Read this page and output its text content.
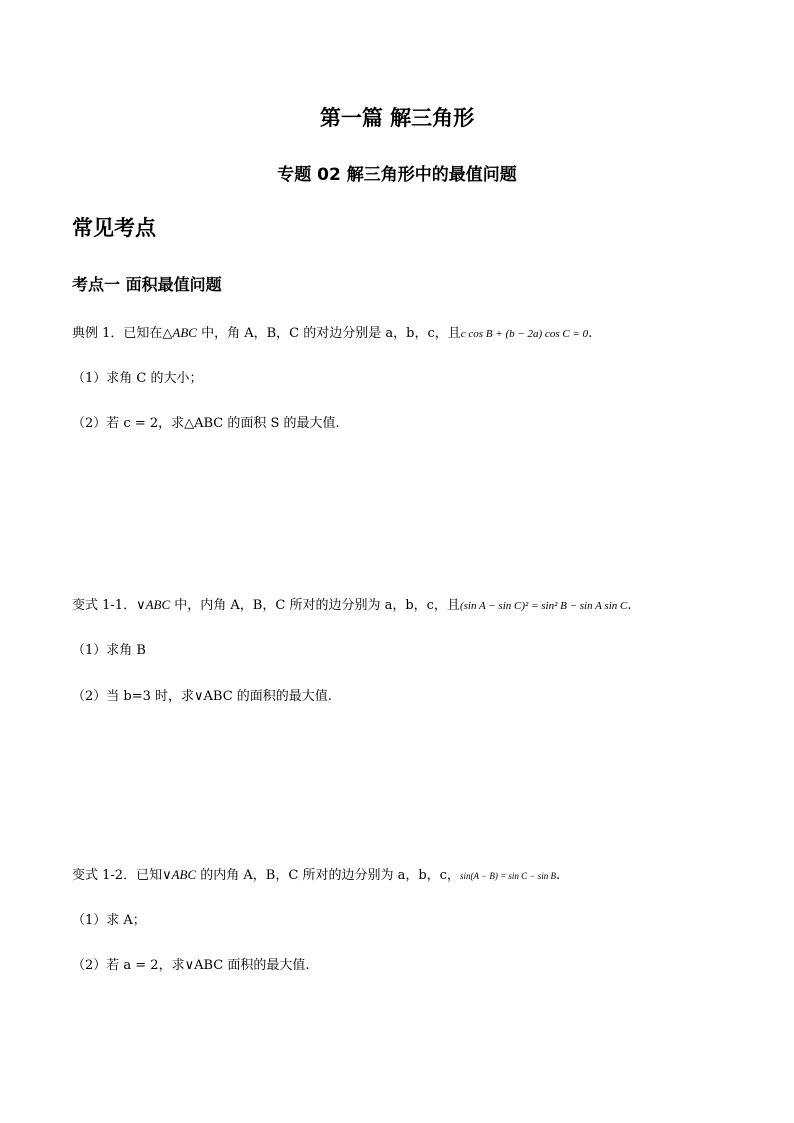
第一篇 解三角形
专题 02 解三角形中的最值问题
常见考点
考点一 面积最值问题
典例 1．已知在△ABC 中，角 A，B，C 的对边分别是 a，b，c，且c cos B + (b − 2a) cos C = 0.
（1）求角 C 的大小；
（2）若 c = 2，求△ABC 的面积 S 的最大值.
变式 1-1．∨ABC 中，内角 A，B，C 所对的边分别为 a，b，c，且(sin A − sin C)² = sin² B − sin A sin C.
（1）求角 B
（2）当 b=3 时，求∨ABC 的面积的最大值.
变式 1-2．已知∨ABC 的内角 A，B，C 所对的边分别为 a，b，c，sin(A − B) = sin C − sin B.
（1）求 A；
（2）若 a = 2，求∨ABC 面积的最大值.
